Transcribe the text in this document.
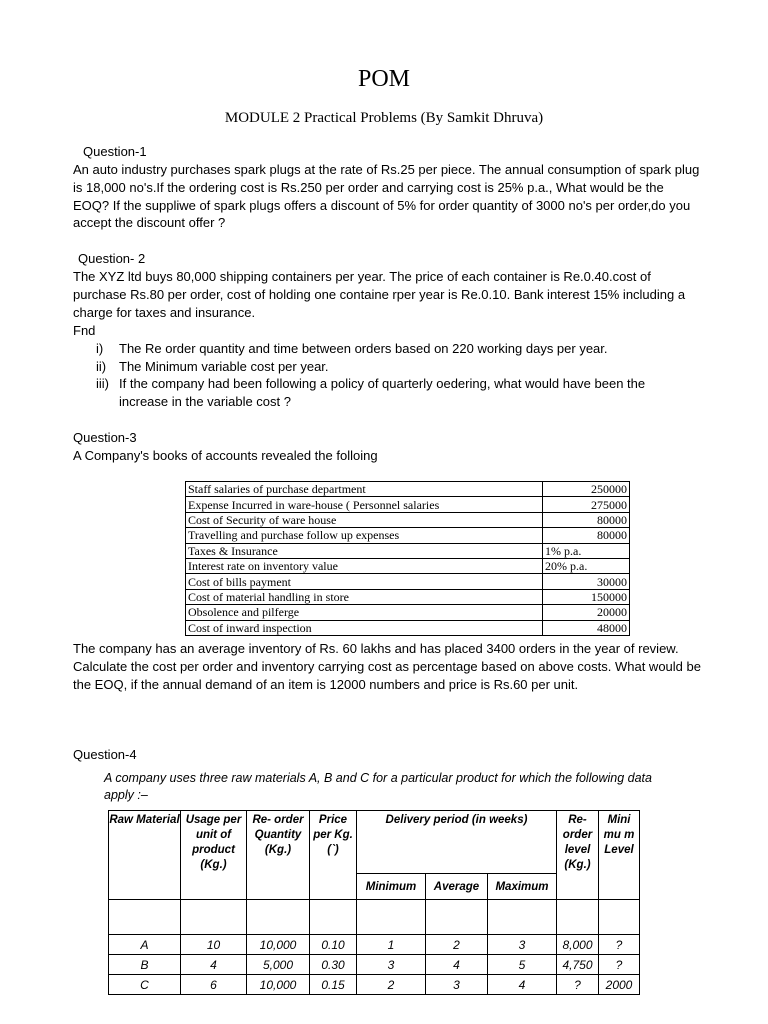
POM
MODULE 2 Practical Problems (By Samkit Dhruva)
Question-1
An auto industry purchases spark plugs at the rate of Rs.25 per piece. The annual consumption of spark plug is 18,000 no's.If the ordering cost is Rs.250 per order and carrying cost is 25% p.a., What would be the EOQ? If the suppliwe of spark plugs offers a discount of 5% for order quantity of 3000 no's per order,do you accept the discount offer ?
Question- 2
The XYZ ltd buys 80,000 shipping containers per year. The price of each container is Re.0.40.cost of purchase Rs.80 per order, cost of holding one containe rper year is Re.0.10. Bank interest 15% including a charge for taxes and insurance.
Fnd
i)	The Re order quantity and time between orders based on 220 working days per year.
ii) The Minimum variable cost per year.
iii) If the company had been following a policy of quarterly oedering, what would have been the increase in the variable cost ?
Question-3
A Company's books of accounts revealed the folloing
Staff salaries of purchase department	250000
Expense Incurred in ware-house ( Personnel salaries	275000
Cost of Security of ware house	80000
Travelling and purchase follow up expenses	80000
Taxes & Insurance	1% p.a.
Interest rate on inventory value	20% p.a.
Cost of bills payment	30000
Cost of material handling in store	150000
Obsolence and pilferge	20000
Cost of inward inspection	48000
The company has an average inventory of Rs. 60 lakhs and has placed 3400 orders in the year of review. Calculate the cost per order and inventory carrying cost as percentage based on above costs. What would be the EOQ, if the annual demand of an item is 12000 numbers and price is Rs.60 per unit.
Question-4
A company uses three raw materials A, B and C for a particular product for which the following data apply :–
Raw Material	Usage per unit of product (Kg.)	Re- order Quantity (Kg.)	Price per Kg. (`)	Delivery period (in weeks)			Re- order level (Kg.)	Mini mu m Level
				Minimum	Average	Maximum		

A	10	10,000	0.10	1	2	3	8,000	?
B	4	5,000	0.30	3	4	5	4,750	?
C	6	10,000	0.15	2	3	4	?	2000
